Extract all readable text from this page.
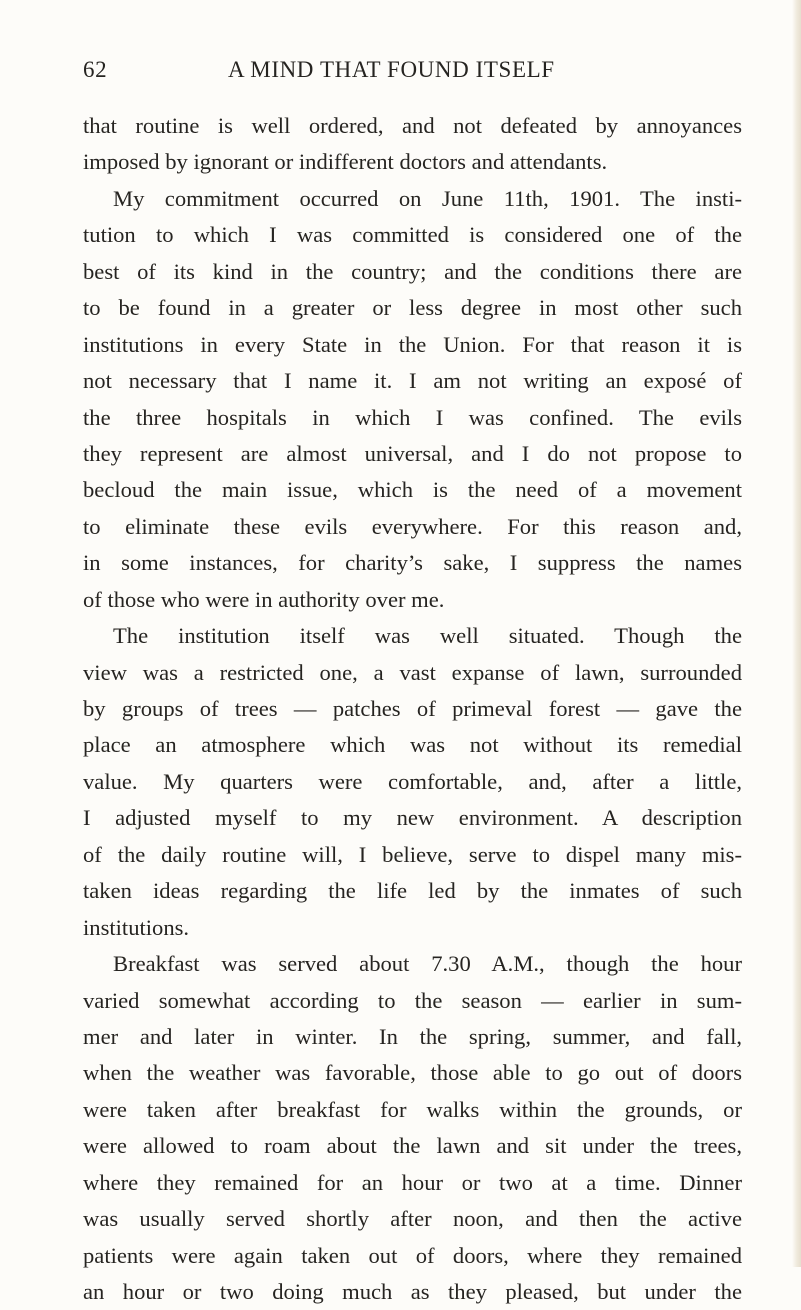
62	A MIND THAT FOUND ITSELF
that routine is well ordered, and not defeated by annoyances
imposed by ignorant or indifferent doctors and attendants.
My commitment occurred on June 11th, 1901. The insti-
tution to which I was committed is considered one of the
best of its kind in the country; and the conditions there are
to be found in a greater or less degree in most other such
institutions in every State in the Union. For that reason it is
not necessary that I name it. I am not writing an exposé of
the three hospitals in which I was confined. The evils
they represent are almost universal, and I do not propose to
becloud the main issue, which is the need of a movement
to eliminate these evils everywhere. For this reason and,
in some instances, for charity’s sake, I suppress the names
of those who were in authority over me.
The institution itself was well situated. Though the
view was a restricted one, a vast expanse of lawn, surrounded
by groups of trees — patches of primeval forest — gave the
place an atmosphere which was not without its remedial
value. My quarters were comfortable, and, after a little,
I adjusted myself to my new environment. A description
of the daily routine will, I believe, serve to dispel many mis-
taken ideas regarding the life led by the inmates of such
institutions.
Breakfast was served about 7.30 A.M., though the hour
varied somewhat according to the season — earlier in sum-
mer and later in winter. In the spring, summer, and fall,
when the weather was favorable, those able to go out of doors
were taken after breakfast for walks within the grounds, or
were allowed to roam about the lawn and sit under the trees,
where they remained for an hour or two at a time. Dinner
was usually served shortly after noon, and then the active
patients were again taken out of doors, where they remained
an hour or two doing much as they pleased, but under the
